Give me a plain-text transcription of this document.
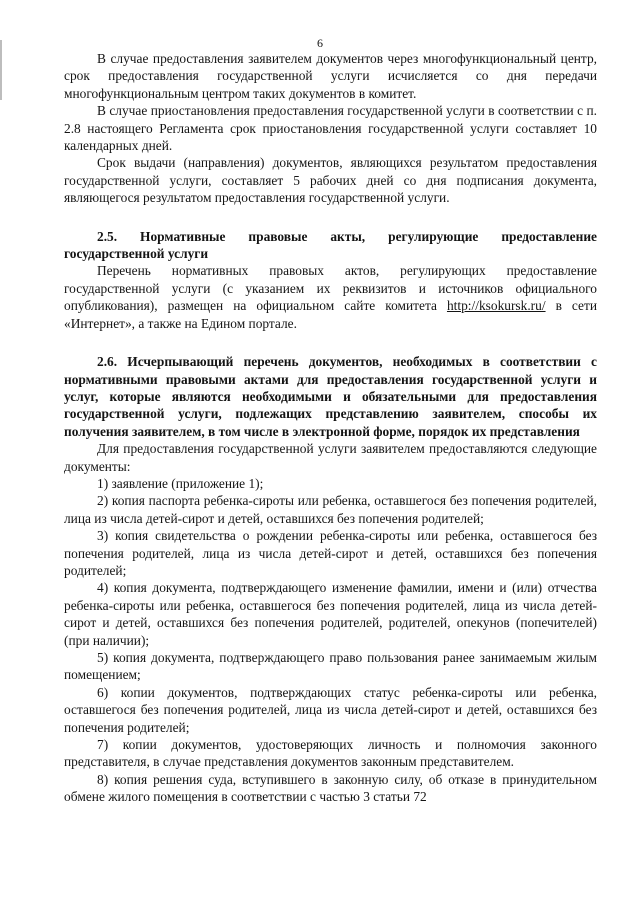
6

В случае предоставления заявителем документов через многофункциональный центр, срок предоставления государственной услуги исчисляется со дня передачи многофункциональным центром таких документов в комитет.

В случае приостановления предоставления государственной услуги в соответствии с п. 2.8 настоящего Регламента срок приостановления государственной услуги составляет 10 календарных дней.

Срок выдачи (направления) документов, являющихся результатом предоставления государственной услуги, составляет 5 рабочих дней со дня подписания документа, являющегося результатом предоставления государственной услуги.

2.5. Нормативные правовые акты, регулирующие предоставление государственной услуги

Перечень нормативных правовых актов, регулирующих предоставление государственной услуги (с указанием их реквизитов и источников официального опубликования), размещен на официальном сайте комитета http://ksokursk.ru/ в сети «Интернет», а также на Едином портале.

2.6. Исчерпывающий перечень документов, необходимых в соответствии с нормативными правовыми актами для предоставления государственной услуги и услуг, которые являются необходимыми и обязательными для предоставления государственной услуги, подлежащих представлению заявителем, способы их получения заявителем, в том числе в электронной форме, порядок их представления

Для предоставления государственной услуги заявителем предоставляются следующие документы:

1) заявление (приложение 1);

2) копия паспорта ребенка-сироты или ребенка, оставшегося без попечения родителей, лица из числа детей-сирот и детей, оставшихся без попечения родителей;

3) копия свидетельства о рождении ребенка-сироты или ребенка, оставшегося без попечения родителей, лица из числа детей-сирот и детей, оставшихся без попечения родителей;

4) копия документа, подтверждающего изменение фамилии, имени и (или) отчества ребенка-сироты или ребенка, оставшегося без попечения родителей, лица из числа детей-сирот и детей, оставшихся без попечения родителей, родителей, опекунов (попечителей) (при наличии);

5) копия документа, подтверждающего право пользования ранее занимаемым жилым помещением;

6) копии документов, подтверждающих статус ребенка-сироты или ребенка, оставшегося без попечения родителей, лица из числа детей-сирот и детей, оставшихся без попечения родителей;

7) копии документов, удостоверяющих личность и полномочия законного представителя, в случае представления документов законным представителем.

8) копия решения суда, вступившего в законную силу, об отказе в принудительном обмене жилого помещения в соответствии с частью 3 статьи 72
